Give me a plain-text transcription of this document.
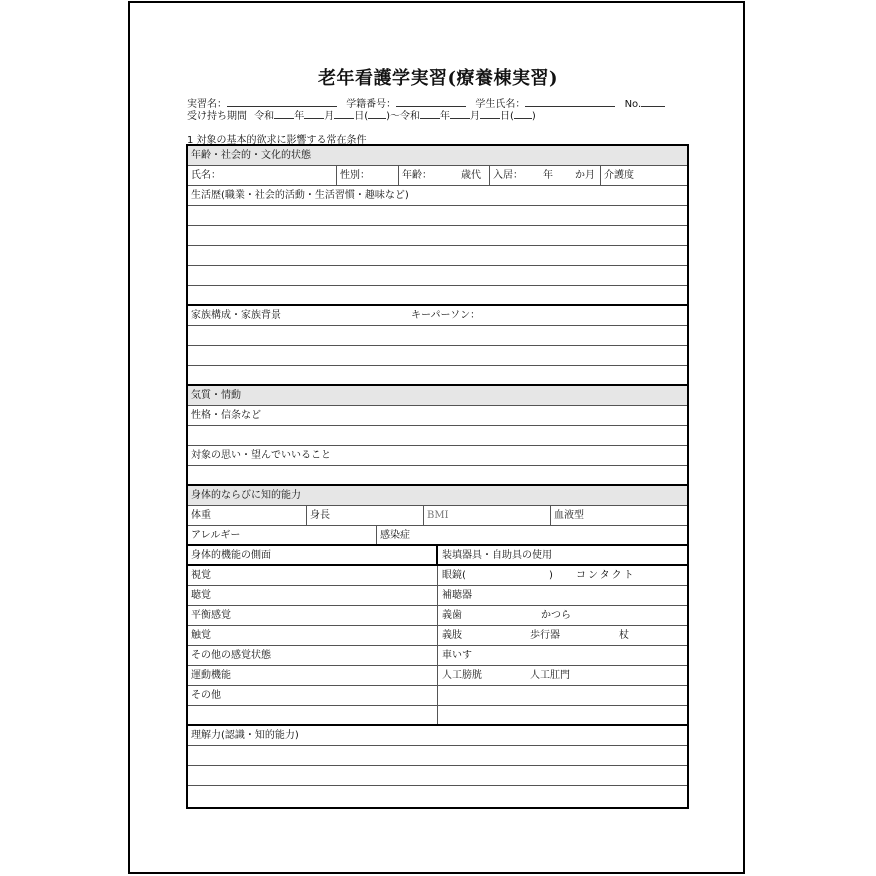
老年看護学実習(療養棟実習)
実習名：	学籍番号：	学生氏名：	No.
受け持ち期間 令和 年 月 日( )～令和 年 月 日( )
1 対象の基本的欲求に影響する常在条件
年齢・社会的・文化的状態
氏名：	性別：	年齢：	歳代	入居：	年	か月 介護度
生活歴(職業・社会的活動・生活習慣・趣味など)
家族構成・家族背景	キーパーソン：
気質・情動
性格・信条など
対象の思い・望んでいいること
身体的ならびに知的能力
体重	身長	BMI	血液型
アレルギー	感染症
身体的機能の側面	装填器具・自助具の使用
視覚	眼鏡(	)	コンタクト
聴覚	補聴器
平衡感覚	義歯	かつら
触覚	義肢	歩行器	杖
その他の感覚状態	車いす
運動機能	人工膀胱	人工肛門
その他
理解力(認識・知的能力)
